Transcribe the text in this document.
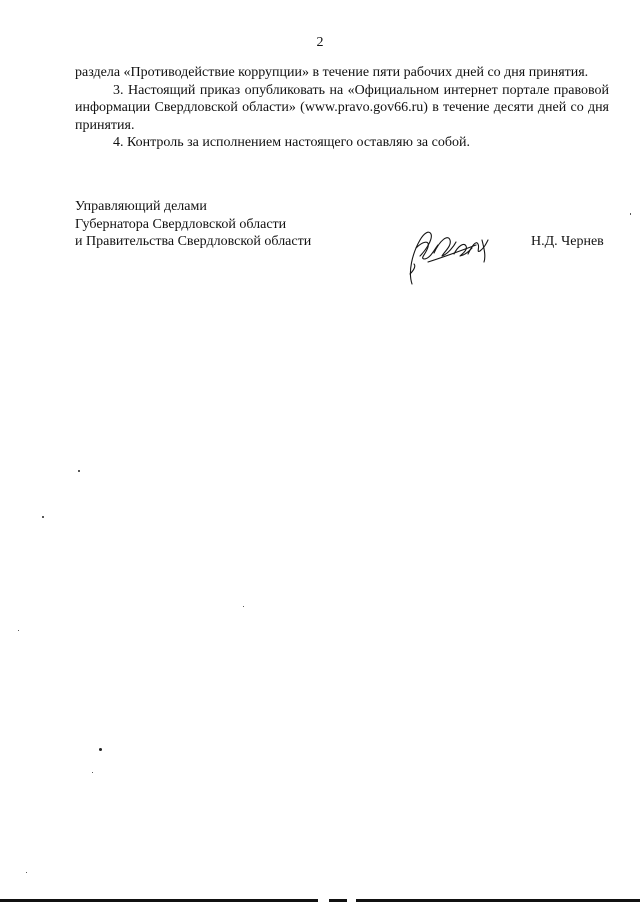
2

раздела «Противодействие коррупции» в течение пяти рабочих дней со дня принятия.

3. Настоящий приказ опубликовать на «Официальном интернет портале правовой информации Свердловской области» (www.pravo.gov66.ru) в течение десяти дней со дня принятия.

4. Контроль за исполнением настоящего оставляю за собой.

Управляющий делами
Губернатора Свердловской области
и Правительства Свердловской области	Н.Д. Чернев
